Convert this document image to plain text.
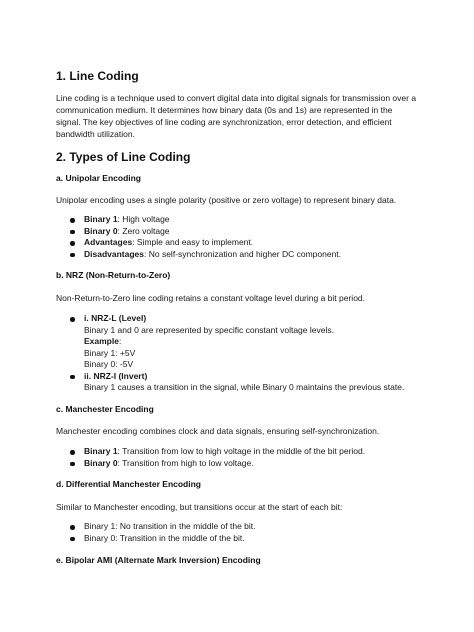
1. Line Coding

Line coding is a technique used to convert digital data into digital signals for transmission over a
communication medium. It determines how binary data (0s and 1s) are represented in the
signal. The key objectives of line coding are synchronization, error detection, and efficient
bandwidth utilization.

2. Types of Line Coding
a. Unipolar Encoding

Unipolar encoding uses a single polarity (positive or zero voltage) to represent binary data.

Binary 1: High voltage
Binary 0: Zero voltage
Advantages: Simple and easy to implement.
Disadvantages: No self-synchronization and higher DC component.
b. NRZ (Non-Return-to-Zero)

Non-Return-to-Zero line coding retains a constant voltage level during a bit period.

i. NRZ-L (Level)
Binary 1 and 0 are represented by specific constant voltage levels.
Example:
Binary 1: +5V
Binary 0: -5V
ii. NRZ-I (Invert)
Binary 1 causes a transition in the signal, while Binary 0 maintains the previous state.
c. Manchester Encoding

Manchester encoding combines clock and data signals, ensuring self-synchronization.

Binary 1: Transition from low to high voltage in the middle of the bit period.
Binary 0: Transition from high to low voltage.
d. Differential Manchester Encoding

Similar to Manchester encoding, but transitions occur at the start of each bit:

Binary 1: No transition in the middle of the bit.
Binary 0: Transition in the middle of the bit.
e. Bipolar AMI (Alternate Mark Inversion) Encoding
